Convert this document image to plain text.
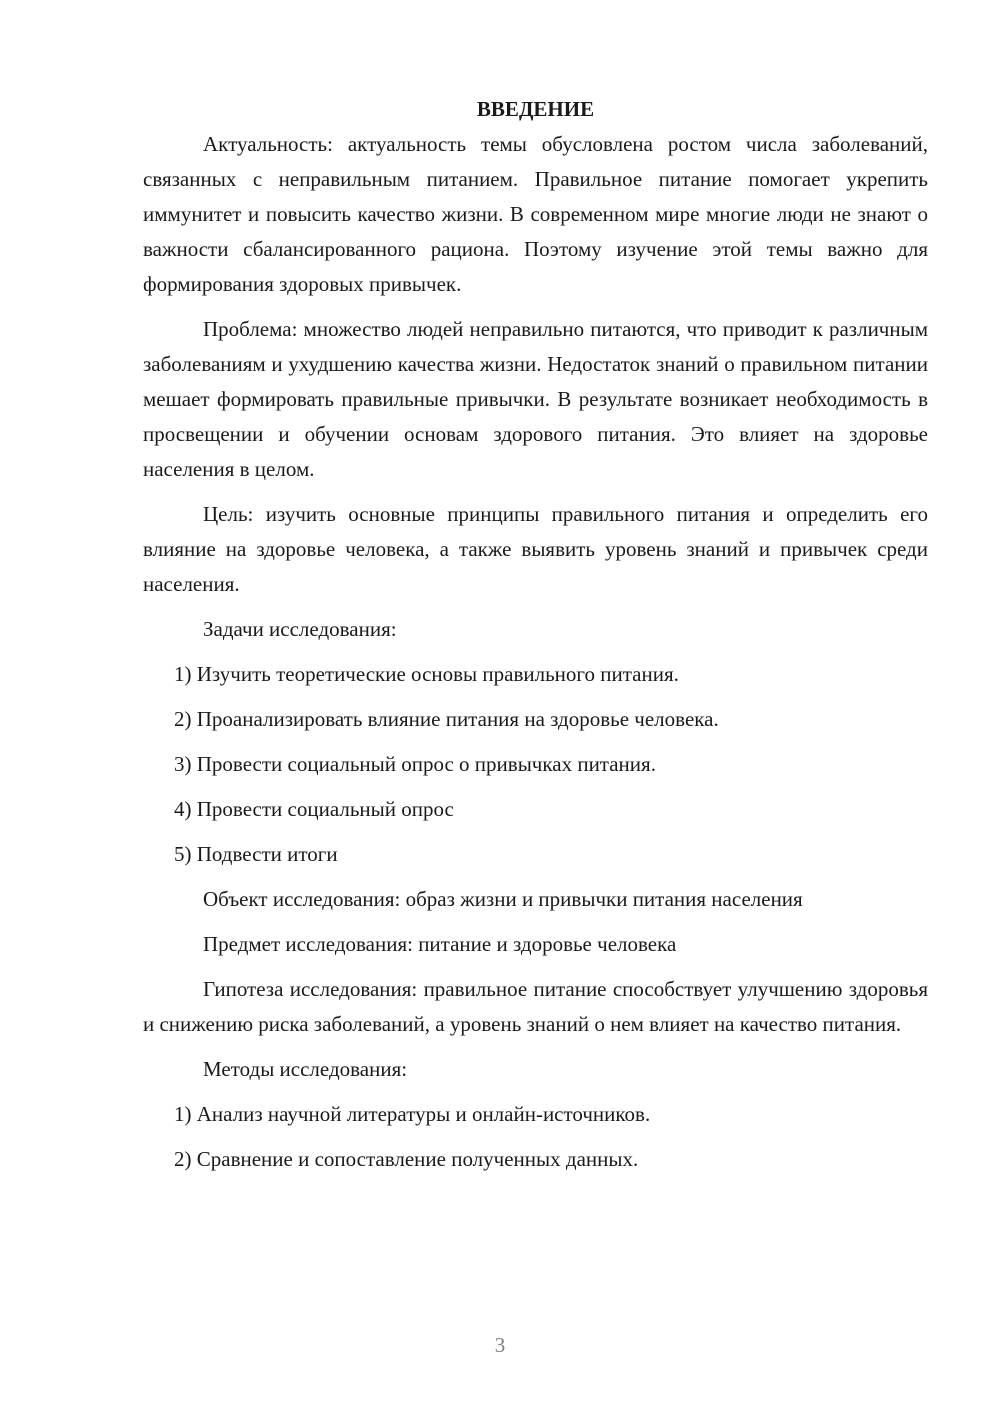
ВВЕДЕНИЕ

Актуальность: актуальность темы обусловлена ростом числа заболеваний, связанных с неправильным питанием. Правильное питание помогает укрепить иммунитет и повысить качество жизни. В современном мире многие люди не знают о важности сбалансированного рациона. Поэтому изучение этой темы важно для формирования здоровых привычек.

Проблема: множество людей неправильно питаются, что приводит к различным заболеваниям и ухудшению качества жизни. Недостаток знаний о правильном питании мешает формировать правильные привычки. В результате возникает необходимость в просвещении и обучении основам здорового питания. Это влияет на здоровье населения в целом.

Цель: изучить основные принципы правильного питания и определить его влияние на здоровье человека, а также выявить уровень знаний и привычек среди населения.

Задачи исследования:
1) Изучить теоретические основы правильного питания.
2) Проанализировать влияние питания на здоровье человека.
3) Провести социальный опрос о привычках питания.
4) Провести социальный опрос
5) Подвести итоги
Объект исследования: образ жизни и привычки питания населения
Предмет исследования: питание и здоровье человека

Гипотеза исследования: правильное питание способствует улучшению здоровья и снижению риска заболеваний, а уровень знаний о нем влияет на качество питания.

Методы исследования:
1) Анализ научной литературы и онлайн-источников.
2) Сравнение и сопоставление полученных данных.
3
